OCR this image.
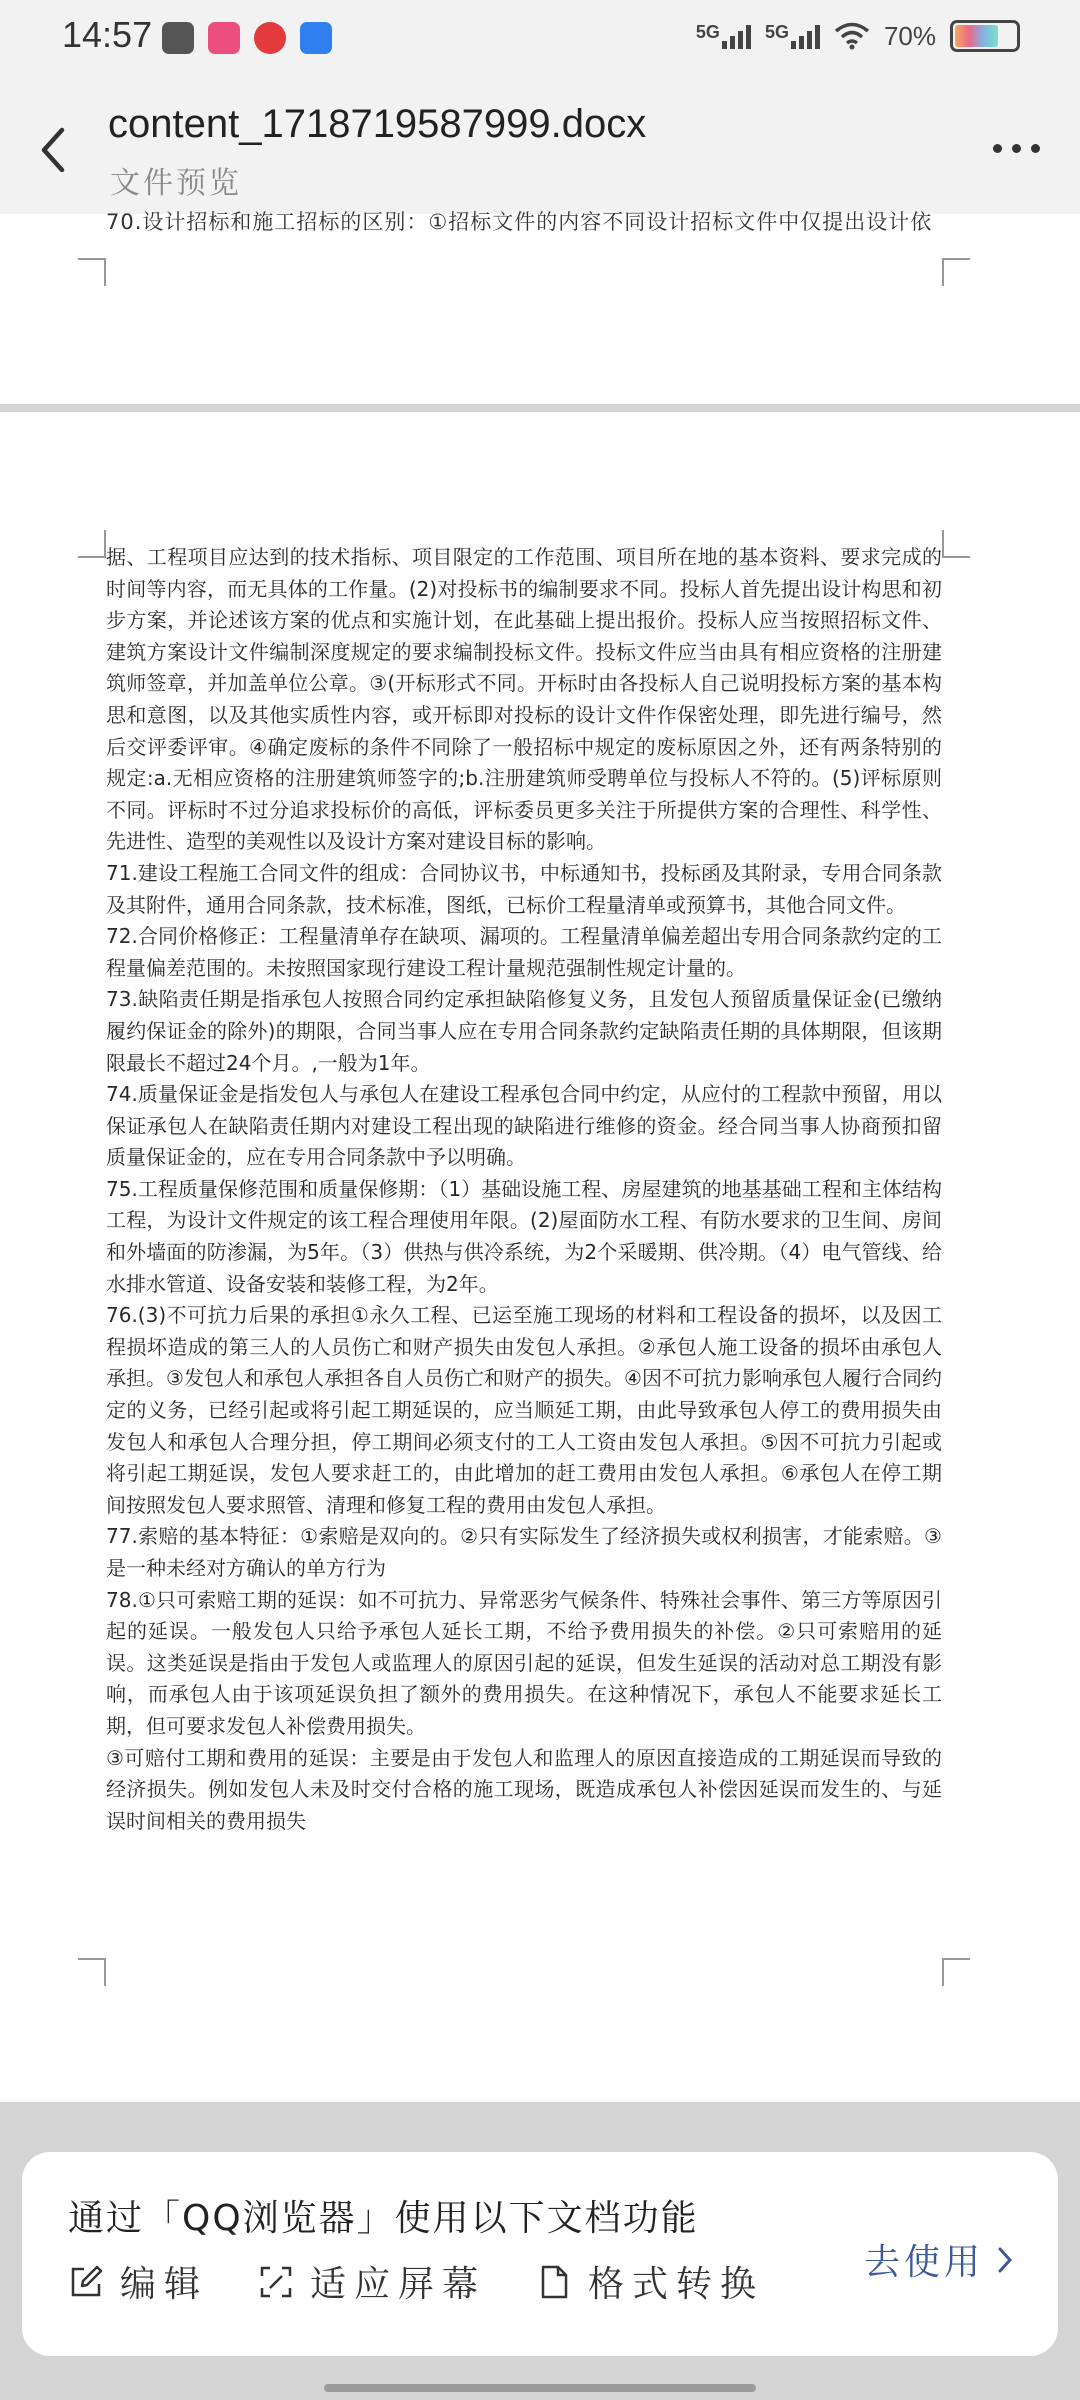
14:57	5G	5G	70%
content_1718719587999.docx
文件预览
70.设计招标和施工招标的区别：①招标文件的内容不同设计招标文件中仅提出设计依

据、工程项目应达到的技术指标、项目限定的工作范围、项目所在地的基本资料、要求完成的时间等内容，而无具体的工作量。(2)对投标书的编制要求不同。投标人首先提出设计构思和初步方案，并论述该方案的优点和实施计划，在此基础上提出报价。投标人应当按照招标文件、建筑方案设计文件编制深度规定的要求编制投标文件。投标文件应当由具有相应资格的注册建筑师签章，并加盖单位公章。③(开标形式不同。开标时由各投标人自己说明投标方案的基本构思和意图，以及其他实质性内容，或开标即对投标的设计文件作保密处理，即先进行编号，然后交评委评审。④确定废标的条件不同除了一般招标中规定的废标原因之外，还有两条特别的规定:a.无相应资格的注册建筑师签字的;b.注册建筑师受聘单位与投标人不符的。(5)评标原则不同。评标时不过分追求投标价的高低，评标委员更多关注于所提供方案的合理性、科学性、先进性、造型的美观性以及设计方案对建设目标的影响。

71.建设工程施工合同文件的组成：合同协议书，中标通知书，投标函及其附录，专用合同条款及其附件，通用合同条款，技术标准，图纸，已标价工程量清单或预算书，其他合同文件。

72.合同价格修正：工程量清单存在缺项、漏项的。工程量清单偏差超出专用合同条款约定的工程量偏差范围的。未按照国家现行建设工程计量规范强制性规定计量的。

73.缺陷责任期是指承包人按照合同约定承担缺陷修复义务，且发包人预留质量保证金(已缴纳履约保证金的除外)的期限，合同当事人应在专用合同条款约定缺陷责任期的具体期限，但该期限最长不超过24个月。,一般为1年。

74.质量保证金是指发包人与承包人在建设工程承包合同中约定，从应付的工程款中预留，用以保证承包人在缺陷责任期内对建设工程出现的缺陷进行维修的资金。经合同当事人协商预扣留质量保证金的，应在专用合同条款中予以明确。

75.工程质量保修范围和质量保修期：（1）基础设施工程、房屋建筑的地基基础工程和主体结构工程，为设计文件规定的该工程合理使用年限。(2)屋面防水工程、有防水要求的卫生间、房间和外墙面的防渗漏，为5年。（3）供热与供冷系统，为2个采暖期、供冷期。（4）电气管线、给水排水管道、设备安装和装修工程，为2年。

76.(3)不可抗力后果的承担①永久工程、已运至施工现场的材料和工程设备的损坏，以及因工程损坏造成的第三人的人员伤亡和财产损失由发包人承担。②承包人施工设备的损坏由承包人承担。③发包人和承包人承担各自人员伤亡和财产的损失。④因不可抗力影响承包人履行合同约定的义务，已经引起或将引起工期延误的，应当顺延工期，由此导致承包人停工的费用损失由发包人和承包人合理分担，停工期间必须支付的工人工资由发包人承担。⑤因不可抗力引起或将引起工期延误，发包人要求赶工的，由此增加的赶工费用由发包人承担。⑥承包人在停工期间按照发包人要求照管、清理和修复工程的费用由发包人承担。

77.索赔的基本特征：①索赔是双向的。②只有实际发生了经济损失或权利损害，才能索赔。③是一种未经对方确认的单方行为

78.①只可索赔工期的延误：如不可抗力、异常恶劣气候条件、特殊社会事件、第三方等原因引起的延误。一般发包人只给予承包人延长工期，不给予费用损失的补偿。②只可索赔用的延误。这类延误是指由于发包人或监理人的原因引起的延误，但发生延误的活动对总工期没有影响，而承包人由于该项延误负担了额外的费用损失。在这种情况下，承包人不能要求延长工期，但可要求发包人补偿费用损失。

③可赔付工期和费用的延误：主要是由于发包人和监理人的原因直接造成的工期延误而导致的经济损失。例如发包人未及时交付合格的施工现场，既造成承包人补偿因延误而发生的、与延误时间相关的费用损失

通过「QQ浏览器」使用以下文档功能
编辑	适应屏幕	格式转换
去使用
